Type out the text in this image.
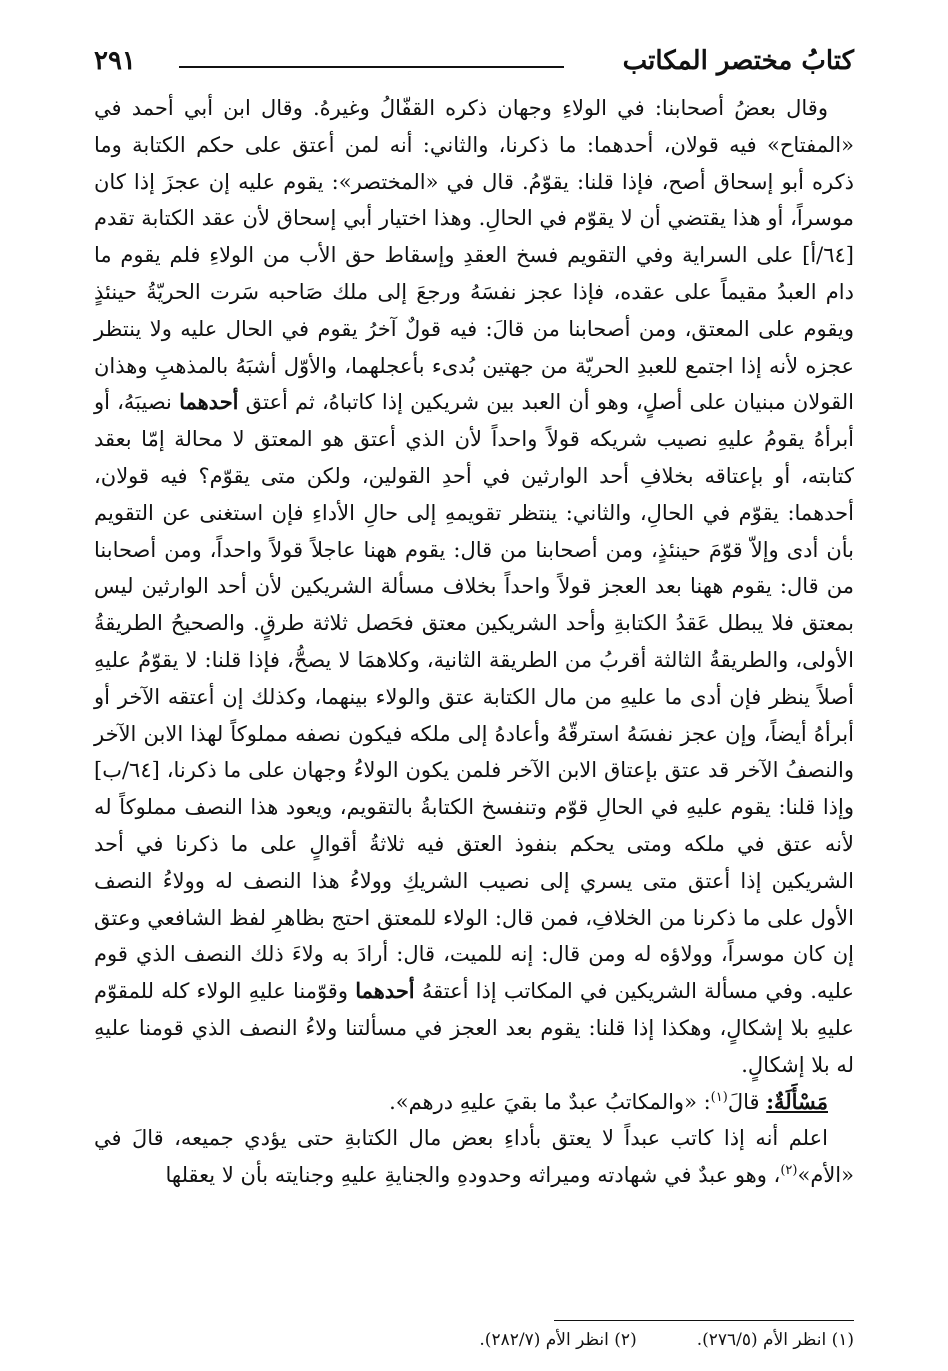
كتابُ مختصر المكاتب
٢٩١

وقال بعضُ أصحابنا: في الولاءِ وجهان ذكره القفّالُ وغيرهُ. وقال ابن أبي أحمد في «المفتاح» فيه قولان، أحدهما: ما ذكرنا، والثاني: أنه لمن أعتق على حكم الكتابة وما ذكره أبو إسحاق أصح، فإذا قلنا: يقوّمُ. قال في «المختصر»: يقوم عليه إن عجزَ إذا كان موسراً، أو هذا يقتضي أن لا يقوّم في الحالِ. وهذا اختيار أبي إسحاق لأن عقد الكتابة تقدم [٦٤/أ] على السراية وفي التقويم فسخ العقدِ وإسقاط حق الأب من الولاءِ فلم يقوم ما دام العبدُ مقيماً على عقده، فإذا عجز نفسَهُ ورجعَ إلى ملك صَاحبه سَرت الحريّةُ حينئذٍ ويقوم على المعتق، ومن أصحابنا من قالَ: فيه قولٌ آخرُ يقوم في الحال عليه ولا ينتظر عجزه لأنه إذا اجتمع للعبدِ الحريّة من جهتين بُدىء بأعجلهما، والأوّل أشبَهُ بالمذهبِ وهذان القولان مبنيان على أصلٍ، وهو أن العبد بين شريكين إذا كاتباهُ، ثم أعتق أحدهما نصيبَهُ، أو أبرأهُ يقومُ عليهِ نصيب شريكه قولاً واحداً لأن الذي أعتق هو المعتق لا محالة إمّا بعقد كتابته، أو بإعتاقه بخلافِ أحد الوارثين في أحدِ القولين، ولكن متى يقوّم؟ فيه قولان، أحدهما: يقوّم في الحالِ، والثاني: ينتظر تقويمهِ إلى حالِ الأداءِ فإن استغنى عن التقويم بأن أدى وإلاّ قوّمَ حينئذٍ، ومن أصحابنا من قال: يقوم ههنا عاجلاً قولاً واحداً، ومن أصحابنا من قال: يقوم ههنا بعد العجز قولاً واحداً بخلاف مسألة الشريكين لأن أحد الوارثين ليس بمعتق فلا يبطل عَقدُ الكتابةِ وأحد الشريكين معتق فحَصل ثلاثة طرقٍ. والصحيحُ الطريقةُ الأولى، والطريقةُ الثالثة أقربُ من الطريقة الثانية، وكلاهمَا لا يصحُّ، فإذا قلنا: لا يقوّمُ عليهِ أصلاً ينظر فإن أدى ما عليهِ من مال الكتابة عتق والولاء بينهما، وكذلك إن أعتقه الآخر أو أبرأهُ أيضاً، وإن عجز نفسَهُ استرقّهُ وأعادهُ إلى ملكه فيكون نصفه مملوكاً لهذا الابن الآخر والنصفُ الآخر قد عتق بإعتاق الابن الآخر فلمن يكون الولاءُ وجهان على ما ذكرنا، [٦٤/ب] وإذا قلنا: يقوم عليهِ في الحالِ قوّم وتنفسخ الكتابةُ بالتقويم، ويعود هذا النصف مملوكاً له لأنه عتق في ملكه ومتى يحكم بنفوذ العتق فيه ثلاثةُ أقوالٍ على ما ذكرنا في أحد الشريكين إذا أعتق متى يسري إلى نصيب الشريكِ وولاءُ هذا النصف له وولاءُ النصف الأول على ما ذكرنا من الخلافِ، فمن قال: الولاء للمعتق احتج بظاهرِ لفظ الشافعي وعتق إن كان موسراً، وولاؤه له ومن قال: إنه للميت، قال: أرادَ به ولاءَ ذلك النصف الذي قوم عليه. وفي مسألة الشريكين في المكاتب إذا أعتقهُ أحدهما وقوّمنا عليهِ الولاء كله للمقوّم عليهِ بلا إشكالٍ، وهكذا إذا قلنا: يقوم بعد العجز في مسألتنا ولاءُ النصف الذي قومنا عليهِ له بلا إشكالٍ.

مَسْأَلَةٌ: قالَ$^{(١)}$: «والمكاتبُ عبدٌ ما بقيَ عليهِ درهم».

اعلم أنه إذا كاتب عبداً لا يعتق بأداءِ بعض مال الكتابةِ حتى يؤدي جميعه، قالَ في «الأم»$^{(٢)}$، وهو عبدٌ في شهادته وميراثه وحدودهِ والجنايةِ عليهِ وجنايته بأن لا يعقلها

(١) انظر الأم (٢٧٦/٥).
(٢) انظر الأم (٢٨٢/٧).
